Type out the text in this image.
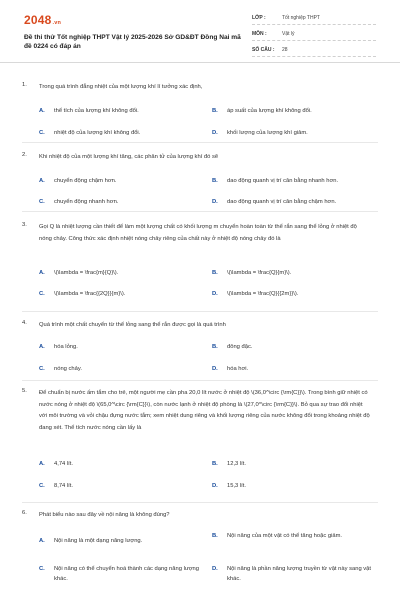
2048.vn
Đề thi thử Tốt nghiệp THPT Vật lý 2025-2026 Sở GD&ĐT Đồng Nai mã đề 0224 có đáp án
LỚP :	Tốt nghiệp THPT
MÔN :	Vật lý
SỐ CÂU :	28
1. Trong quá trình đẳng nhiệt của một lượng khí lí tưởng xác định,
A. thể tích của lượng khí không đổi.	B. áp suất của lượng khí không đổi.
C. nhiệt độ của lượng khí không đổi.	D. khối lượng của lượng khí giảm.
2. Khi nhiệt độ của một lượng khí tăng, các phân tử của lượng khí đó sẽ
A. chuyển động chậm hơn.	B. dao động quanh vị trí cân bằng nhanh hơn.
C. chuyển động nhanh hơn.	D. dao động quanh vị trí cân bằng chậm hơn.
3. Gọi Q là nhiệt lượng cần thiết để làm một lượng chất có khối lượng m chuyển hoàn toàn từ thể rắn sang thể lỏng ở nhiệt độ nóng chảy. Công thức xác định nhiệt nóng chảy riêng của chất này ở nhiệt độ nóng chảy đó là
A. \(\lambda = \frac{m}{Q}\).	B. \(\lambda = \frac{Q}{m}\).
C. \(\lambda = \frac{{2Q}}{m}\).	D. \(\lambda = \frac{Q}{{2m}}\).
4. Quá trình một chất chuyển từ thể lỏng sang thể rắn được gọi là quá trình
A. hóa lỏng.	B. đông đặc.
C. nóng chảy.	D. hóa hơi.
5. Để chuẩn bị nước ấm tắm cho trẻ, một người mẹ cần pha 20,0 lít nước ở nhiệt độ \(36,0^\circ {\rm{C}}\). Trong bình giữ nhiệt có nước nóng ở nhiệt độ \(65,0^\circ {\rm{C}}\), còn nước lạnh ở nhiệt độ phòng là \(27,0^\circ {\rm{C}}\). Bỏ qua sự trao đổi nhiệt với môi trường và vỏi chậu đựng nước tắm; xem nhiệt dung riêng và khối lượng riêng của nước không đổi trong khoảng nhiệt độ đang xét. Thể tích nước nóng cần lấy là
A. 4,74 lít.	B. 12,3 lít.
C. 8,74 lít.	D. 15,3 lít.
6. Phát biểu nào sau đây về nội năng là không đúng?
A. Nội năng là một dạng năng lượng.
B. Nội năng của một vật có thể tăng hoặc giảm.
C. Nội năng có thể chuyển hoá thành các dạng năng lượng khác.
D. Nội năng là phần năng lượng truyền từ vật này sang vật khác.
